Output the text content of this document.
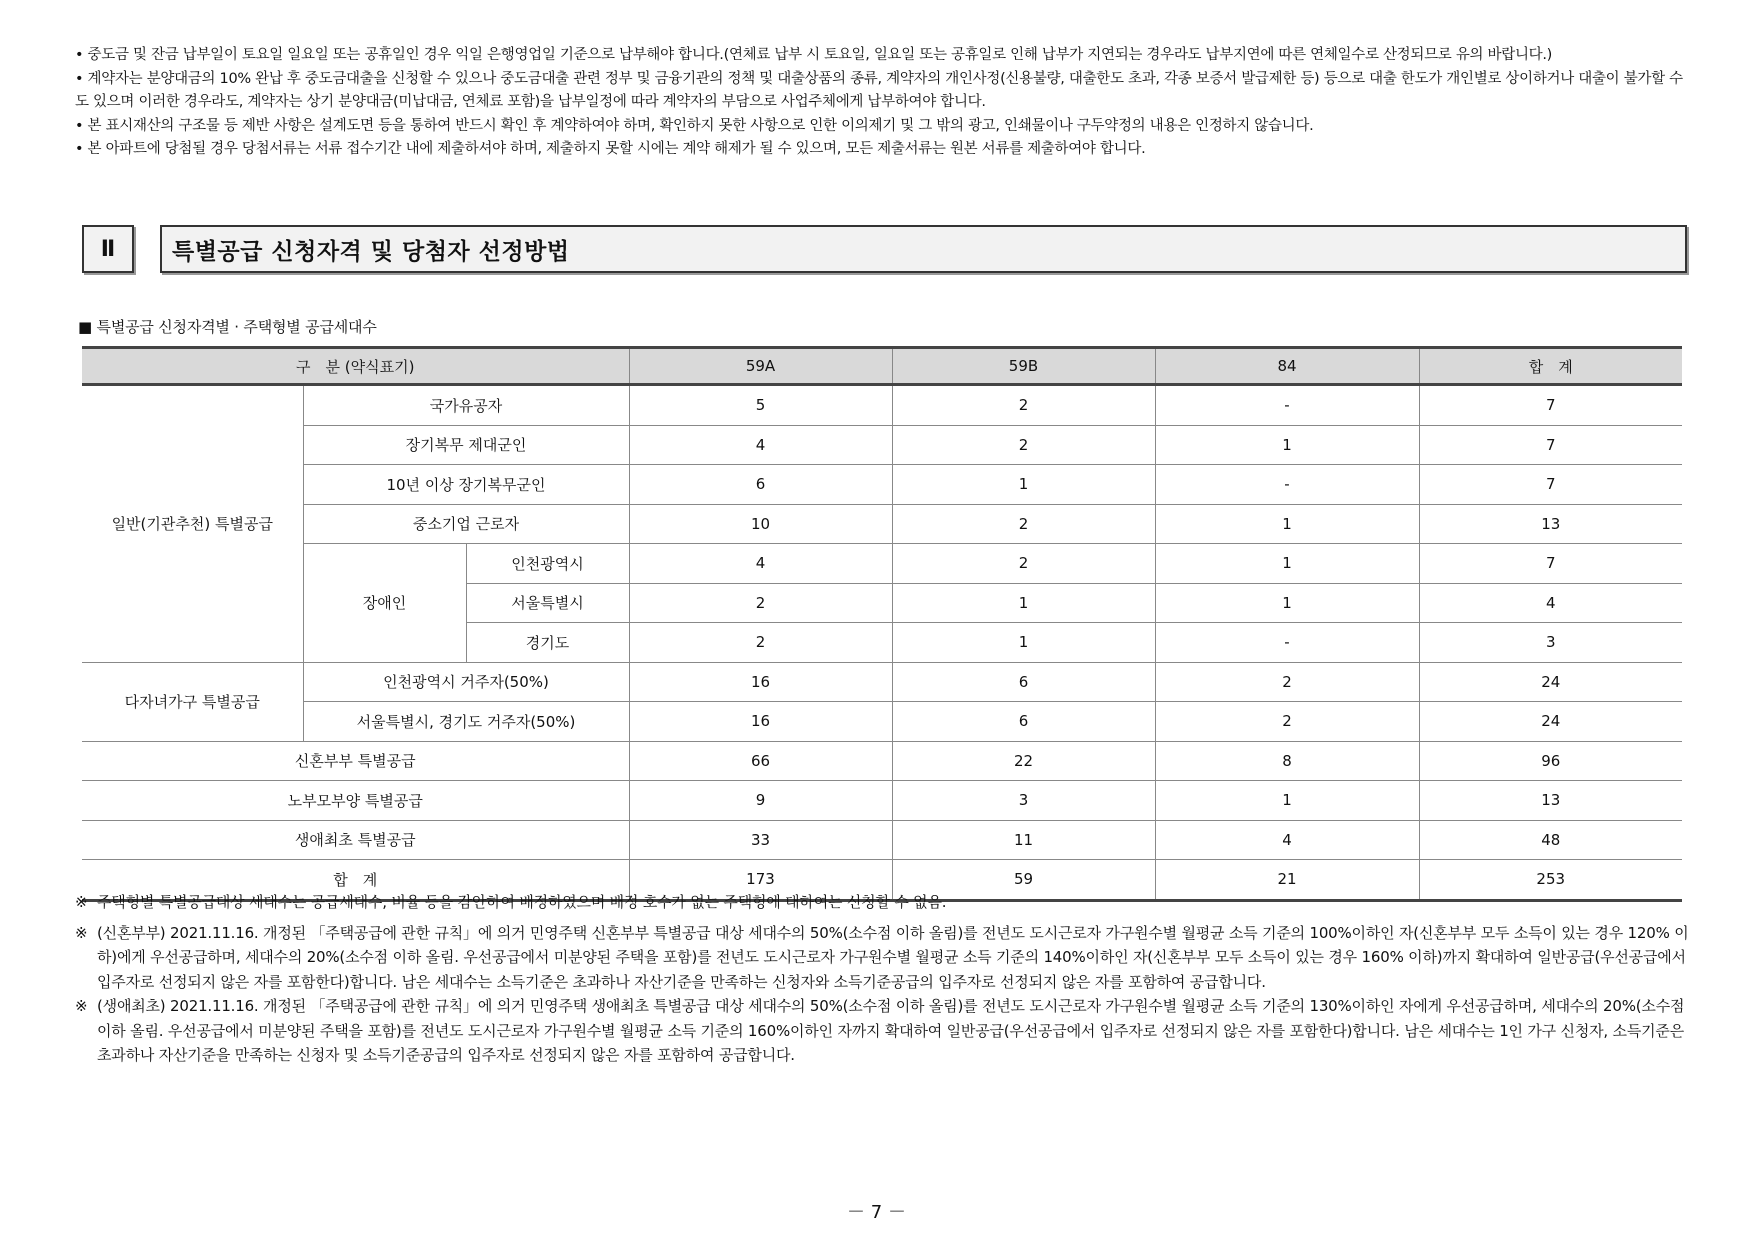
• 중도금 및 잔금 납부일이 토요일 일요일 또는 공휴일인 경우 익일 은행영업일 기준으로 납부해야 합니다.(연체료 납부 시 토요일, 일요일 또는 공휴일로 인해 납부가 지연되는 경우라도 납부지연에 따른 연체일수로 산정되므로 유의 바랍니다.)

• 계약자는 분양대금의 10% 완납 후 중도금대출을 신청할 수 있으나 중도금대출 관련 정부 및 금융기관의 정책 및 대출상품의 종류, 계약자의 개인사정(신용불량, 대출한도 초과, 각종 보증서 발급제한 등) 등으로 대출 한도가 개인별로 상이하거나 대출이 불가할 수도 있으며 이러한 경우라도, 계약자는 상기 분양대금(미납대금, 연체료 포함)을 납부일정에 따라 계약자의 부담으로 사업주체에게 납부하여야 합니다.

• 본 표시재산의 구조물 등 제반 사항은 설계도면 등을 통하여 반드시 확인 후 계약하여야 하며, 확인하지 못한 사항으로 인한 이의제기 및 그 밖의 광고, 인쇄물이나 구두약정의 내용은 인정하지 않습니다.

• 본 아파트에 당첨될 경우 당첨서류는 서류 접수기간 내에 제출하셔야 하며, 제출하지 못할 시에는 계약 해제가 될 수 있으며, 모든 제출서류는 원본 서류를 제출하여야 합니다.

Ⅱ	특별공급 신청자격 및 당첨자 선정방법
■ 특별공급 신청자격별 · 주택형별 공급세대수
구　분 (약식표기)			59A	59B	84	합　계
일반(기관추천) 특별공급	국가유공자		5	2	-	7
	장기복무 제대군인		4	2	1	7
	10년 이상 장기복무군인		6	1	-	7
	중소기업 근로자		10	2	1	13
	장애인	인천광역시	4	2	1	7
		서울특별시	2	1	1	4
		경기도	2	1	-	3
다자녀가구 특별공급	인천광역시 거주자(50%)		16	6	2	24
	서울특별시, 경기도 거주자(50%)		16	6	2	24
신혼부부 특별공급			66	22	8	96
노부모부양 특별공급			9	3	1	13
생애최초 특별공급			33	11	4	48
합　계			173	59	21	253
※ 주택형별 특별공급대상 세대수는 공급세대수, 비율 등을 감안하여 배정하였으며 배정 호수가 없는 주택형에 대하여는 신청할 수 없음.

※ (신혼부부) 2021.11.16. 개정된 「주택공급에 관한 규칙」에 의거 민영주택 신혼부부 특별공급 대상 세대수의 50%(소수점 이하 올림)를 전년도 도시근로자 가구원수별 월평균 소득 기준의 100%이하인 자(신혼부부 모두 소득이 있는 경우 120% 이하)에게 우선공급하며, 세대수의 20%(소수점 이하 올림. 우선공급에서 미분양된 주택을 포함)를 전년도 도시근로자 가구원수별 월평균 소득 기준의 140%이하인 자(신혼부부 모두 소득이 있는 경우 160% 이하)까지 확대하여 일반공급(우선공급에서 입주자로 선정되지 않은 자를 포함한다)합니다. 남은 세대수는 소득기준은 초과하나 자산기준을 만족하는 신청자와 소득기준공급의 입주자로 선정되지 않은 자를 포함하여 공급합니다.

※ (생애최초) 2021.11.16. 개정된 「주택공급에 관한 규칙」에 의거 민영주택 생애최초 특별공급 대상 세대수의 50%(소수점 이하 올림)를 전년도 도시근로자 가구원수별 월평균 소득 기준의 130%이하인 자에게 우선공급하며, 세대수의 20%(소수점 이하 올림. 우선공급에서 미분양된 주택을 포함)를 전년도 도시근로자 가구원수별 월평균 소득 기준의 160%이하인 자까지 확대하여 일반공급(우선공급에서 입주자로 선정되지 않은 자를 포함한다)합니다. 남은 세대수는 1인 가구 신청자, 소득기준은 초과하나 자산기준을 만족하는 신청자 및 소득기준공급의 입주자로 선정되지 않은 자를 포함하여 공급합니다.

－ 7 －
